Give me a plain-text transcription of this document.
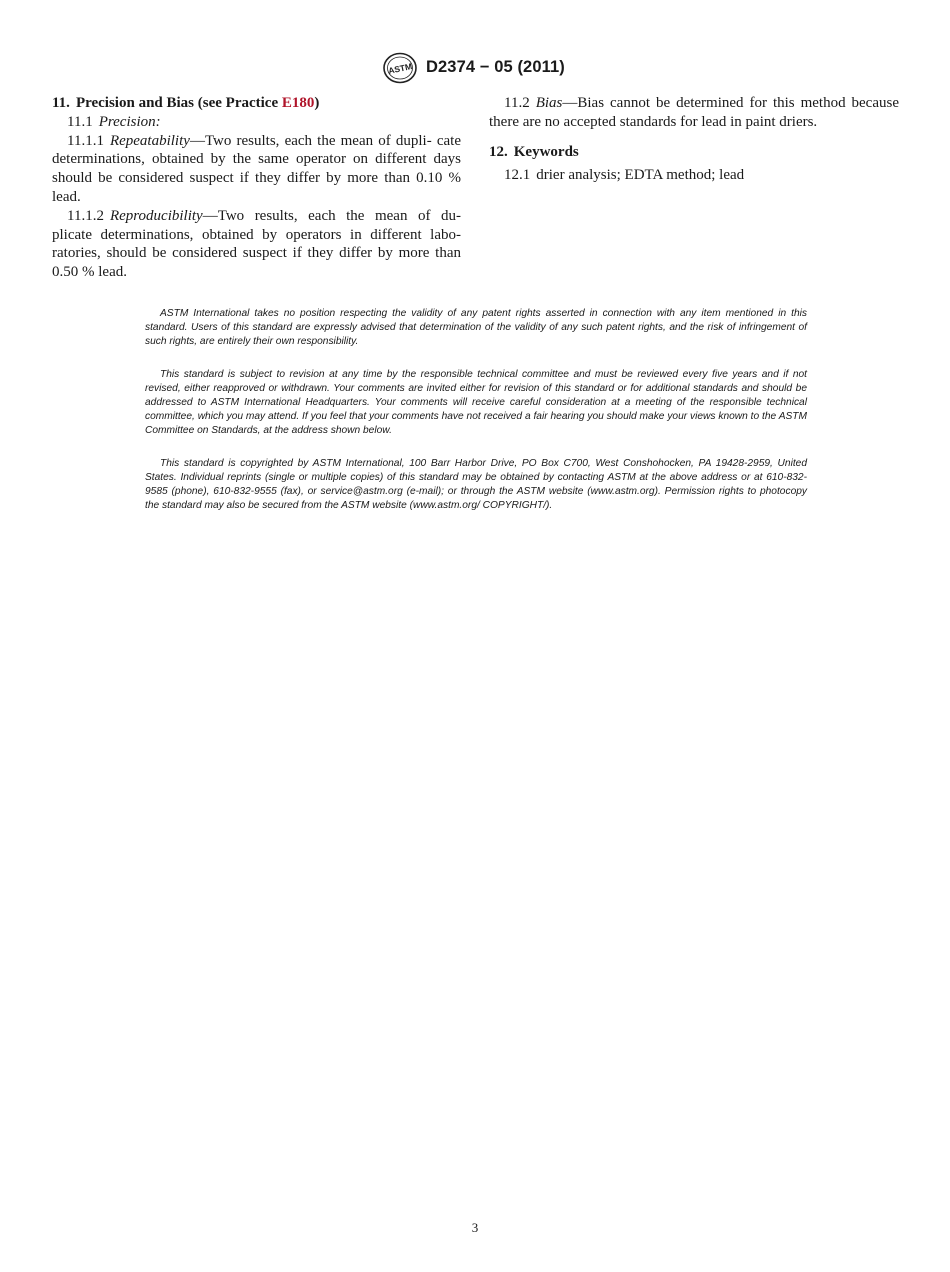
ASTM D2374 − 05 (2011)

11. Precision and Bias (see Practice E180)

11.1 Precision:

11.1.1 Repeatability—Two results, each the mean of dupli- cate determinations, obtained by the same operator on different days should be considered suspect if they differ by more than 0.10 % lead.

11.1.2 Reproducibility—Two results, each the mean of du- plicate determinations, obtained by operators in different labo- ratories, should be considered suspect if they differ by more than 0.50 % lead.

11.2 Bias—Bias cannot be determined for this method because there are no accepted standards for lead in paint driers.

12. Keywords

12.1 drier analysis; EDTA method; lead

ASTM International takes no position respecting the validity of any patent rights asserted in connection with any item mentioned in this standard. Users of this standard are expressly advised that determination of the validity of any such patent rights, and the risk of infringement of such rights, are entirely their own responsibility.

This standard is subject to revision at any time by the responsible technical committee and must be reviewed every five years and if not revised, either reapproved or withdrawn. Your comments are invited either for revision of this standard or for additional standards and should be addressed to ASTM International Headquarters. Your comments will receive careful consideration at a meeting of the responsible technical committee, which you may attend. If you feel that your comments have not received a fair hearing you should make your views known to the ASTM Committee on Standards, at the address shown below.

This standard is copyrighted by ASTM International, 100 Barr Harbor Drive, PO Box C700, West Conshohocken, PA 19428-2959, United States. Individual reprints (single or multiple copies) of this standard may be obtained by contacting ASTM at the above address or at 610-832-9585 (phone), 610-832-9555 (fax), or service@astm.org (e-mail); or through the ASTM website (www.astm.org). Permission rights to photocopy the standard may also be secured from the ASTM website (www.astm.org/ COPYRIGHT/).

3
